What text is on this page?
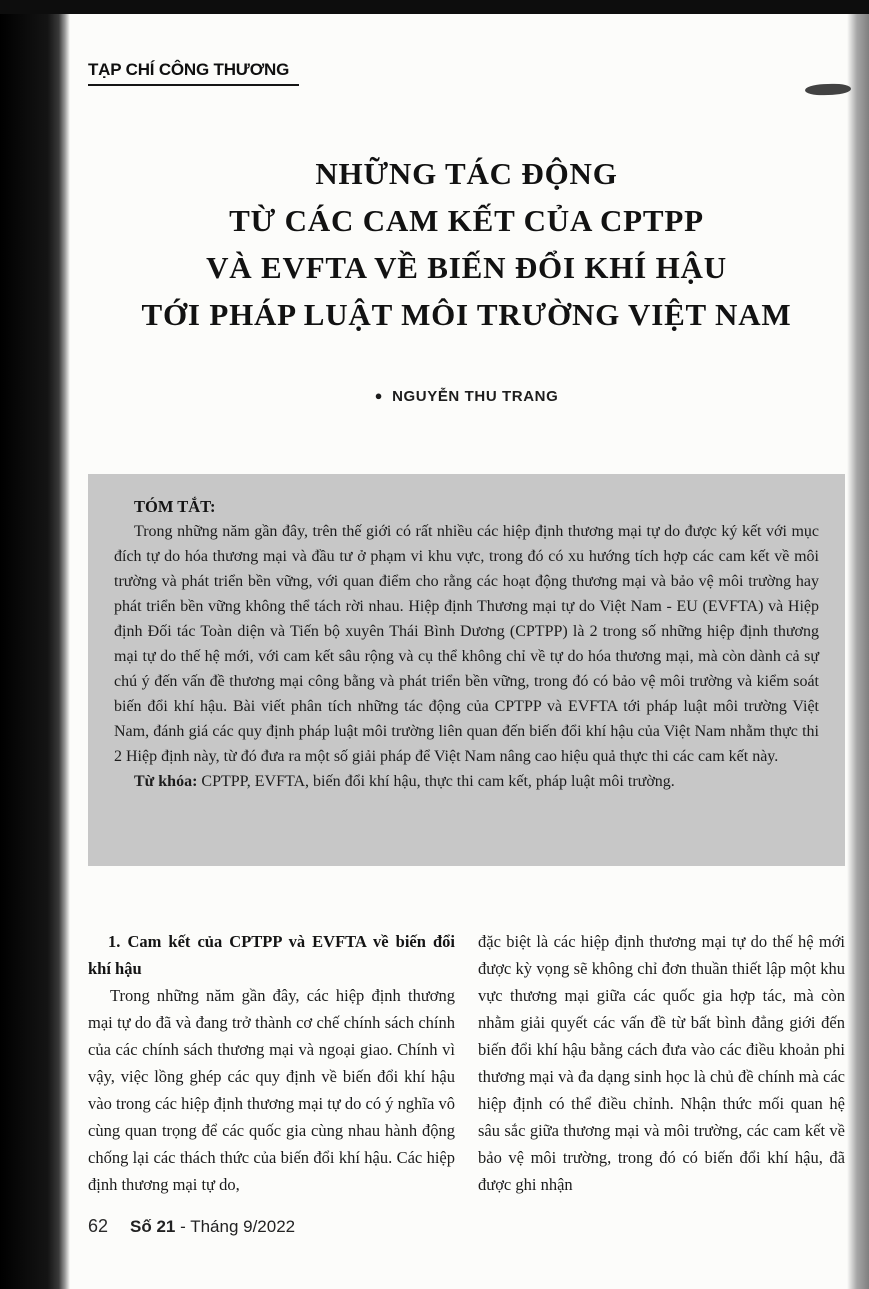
TẠP CHÍ CÔNG THƯƠNG
NHỮNG TÁC ĐỘNG
TỪ CÁC CAM KẾT CỦA CPTPP
VÀ EVFTA VỀ BIẾN ĐỔI KHÍ HẬU
TỚI PHÁP LUẬT MÔI TRƯỜNG VIỆT NAM
● NGUYỄN THU TRANG
TÓM TẮT:

Trong những năm gần đây, trên thế giới có rất nhiều các hiệp định thương mại tự do được ký kết với mục đích tự do hóa thương mại và đầu tư ở phạm vi khu vực, trong đó có xu hướng tích hợp các cam kết về môi trường và phát triển bền vững, với quan điểm cho rằng các hoạt động thương mại và bảo vệ môi trường hay phát triển bền vững không thể tách rời nhau. Hiệp định Thương mại tự do Việt Nam - EU (EVFTA) và Hiệp định Đối tác Toàn diện và Tiến bộ xuyên Thái Bình Dương (CPTPP) là 2 trong số những hiệp định thương mại tự do thế hệ mới, với cam kết sâu rộng và cụ thể không chỉ về tự do hóa thương mại, mà còn dành cả sự chú ý đến vấn đề thương mại công bằng và phát triển bền vững, trong đó có bảo vệ môi trường và kiểm soát biến đổi khí hậu. Bài viết phân tích những tác động của CPTPP và EVFTA tới pháp luật môi trường Việt Nam, đánh giá các quy định pháp luật môi trường liên quan đến biến đổi khí hậu của Việt Nam nhằm thực thi 2 Hiệp định này, từ đó đưa ra một số giải pháp để Việt Nam nâng cao hiệu quả thực thi các cam kết này.

Từ khóa: CPTPP, EVFTA, biến đổi khí hậu, thực thi cam kết, pháp luật môi trường.

1. Cam kết của CPTPP và EVFTA về biến đổi khí hậu

Trong những năm gần đây, các hiệp định thương mại tự do đã và đang trở thành cơ chế chính sách chính của các chính sách thương mại và ngoại giao. Chính vì vậy, việc lồng ghép các quy định về biến đổi khí hậu vào trong các hiệp định thương mại tự do có ý nghĩa vô cùng quan trọng để các quốc gia cùng nhau hành động chống lại các thách thức của biến đổi khí hậu. Các hiệp định thương mại tự do,

đặc biệt là các hiệp định thương mại tự do thế hệ mới được kỳ vọng sẽ không chỉ đơn thuần thiết lập một khu vực thương mại giữa các quốc gia hợp tác, mà còn nhằm giải quyết các vấn đề từ bất bình đẳng giới đến biến đổi khí hậu bằng cách đưa vào các điều khoản phi thương mại và đa dạng sinh học là chủ đề chính mà các hiệp định có thể điều chỉnh. Nhận thức mối quan hệ sâu sắc giữa thương mại và môi trường, các cam kết về bảo vệ môi trường, trong đó có biến đổi khí hậu, đã được ghi nhận

62 Số 21 - Tháng 9/2022
